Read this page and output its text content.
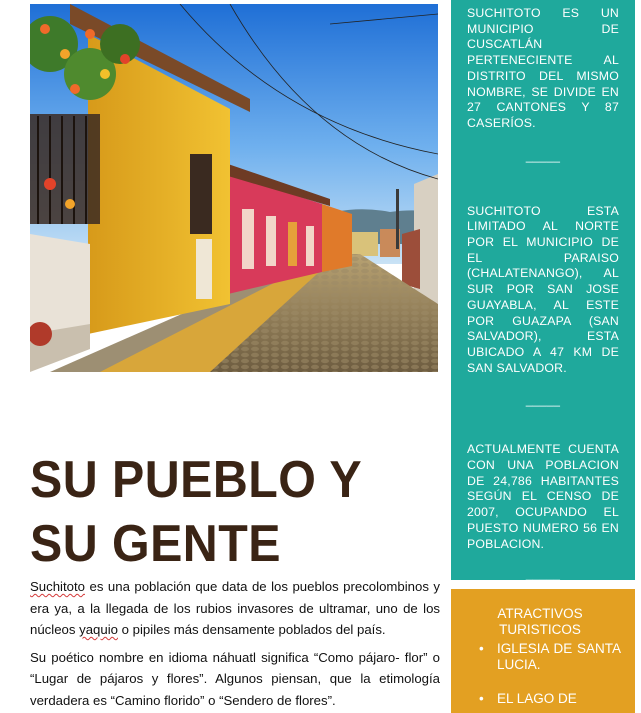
SUCHITOTO ES UN MUNICIPIO DE CUSCATLÁN PERTENECIENTE AL DISTRITO DEL MISMO NOMBRE, SE DIVIDE EN 27 CANTONES Y 87 CASERÍOS.

_____

SUCHITOTO ESTA LIMITADO AL NORTE POR EL MUNICIPIO DE EL PARAISO (CHALATENANGO), AL SUR POR SAN JOSE GUAYABLA, AL ESTE POR GUAZAPA (SAN SALVADOR), ESTA UBICADO A 47 KM DE SAN SALVADOR.

_____

ACTUALMENTE CUENTA CON UNA POBLACION DE 24,786 HABITANTES SEGÚN EL CENSO DE 2007, OCUPANDO EL PUESTO NUMERO 56 EN POBLACION.

_____
ATRACTIVOS TURISTICOS
• IGLESIA DE SANTA LUCIA.
• EL LAGO DE
SU PUEBLO Y
SU GENTE

Suchitoto es una población que data de los pueblos precolombinos y era ya, a la llegada de los rubios invasores de ultramar, uno de los núcleos yaquio o pipiles más densamente poblados del país.

Su poético nombre en idioma náhuatl significa “Como pájaro- flor” o “Lugar de pájaros y flores”. Algunos piensan, que la etimología verdadera es “Camino florido” o “Sendero de flores”.
